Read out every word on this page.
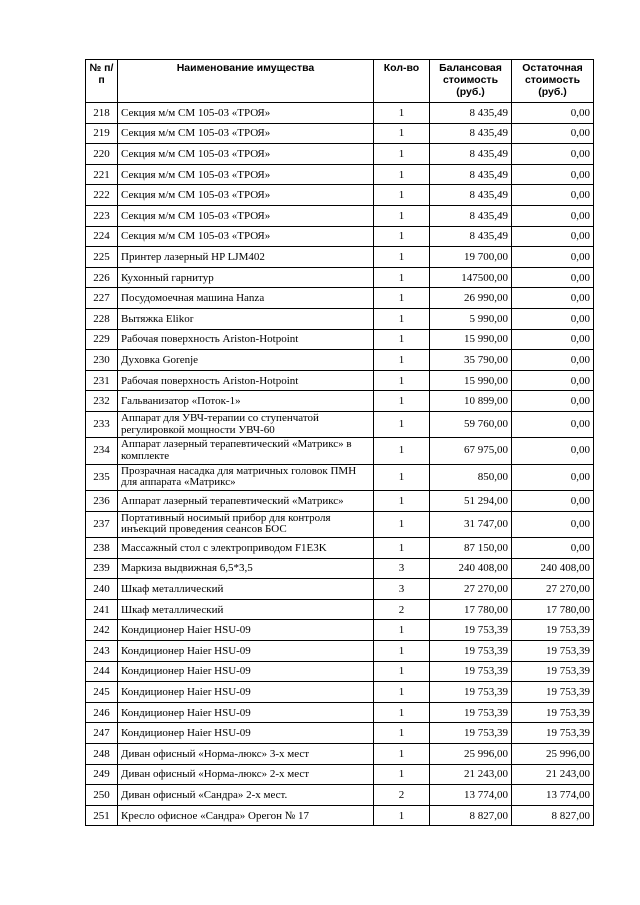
№ п/п	Наименование имущества	Кол-во	Балансовая стоимость (руб.)	Остаточная стоимость (руб.)
218	Секция м/м СМ 105-03 «ТРОЯ»	1	8 435,49	0,00
219	Секция м/м СМ 105-03 «ТРОЯ»	1	8 435,49	0,00
220	Секция м/м СМ 105-03 «ТРОЯ»	1	8 435,49	0,00
221	Секция м/м СМ 105-03 «ТРОЯ»	1	8 435,49	0,00
222	Секция м/м СМ 105-03 «ТРОЯ»	1	8 435,49	0,00
223	Секция м/м СМ 105-03 «ТРОЯ»	1	8 435,49	0,00
224	Секция м/м СМ 105-03 «ТРОЯ»	1	8 435,49	0,00
225	Принтер лазерный HP LJM402	1	19 700,00	0,00
226	Кухонный гарнитур	1	147500,00	0,00
227	Посудомоечная машина Hanza	1	26 990,00	0,00
228	Вытяжка Elikor	1	5 990,00	0,00
229	Рабочая поверхность Ariston-Hotpoint	1	15 990,00	0,00
230	Духовка Gorenje	1	35 790,00	0,00
231	Рабочая поверхность Ariston-Hotpoint	1	15 990,00	0,00
232	Гальванизатор «Поток-1»	1	10 899,00	0,00
233	Аппарат для УВЧ-терапии со ступенчатой регулировкой мощности УВЧ-60	1	59 760,00	0,00
234	Аппарат лазерный терапевтический «Матрикс» в комплекте	1	67 975,00	0,00
235	Прозрачная насадка для матричных головок ПМН для аппарата «Матрикс»	1	850,00	0,00
236	Аппарат лазерный терапевтический «Матрикс»	1	51 294,00	0,00
237	Портативный носимый прибор для контроля инъекций проведения сеансов БОС	1	31 747,00	0,00
238	Массажный стол с электроприводом F1E3K	1	87 150,00	0,00
239	Маркиза выдвижная 6,5*3,5	3	240 408,00	240 408,00
240	Шкаф металлический	3	27 270,00	27 270,00
241	Шкаф металлический	2	17 780,00	17 780,00
242	Кондиционер Haier HSU-09	1	19 753,39	19 753,39
243	Кондиционер Haier HSU-09	1	19 753,39	19 753,39
244	Кондиционер Haier HSU-09	1	19 753,39	19 753,39
245	Кондиционер Haier HSU-09	1	19 753,39	19 753,39
246	Кондиционер Haier HSU-09	1	19 753,39	19 753,39
247	Кондиционер Haier HSU-09	1	19 753,39	19 753,39
248	Диван офисный «Норма-люкс» 3-х мест	1	25 996,00	25 996,00
249	Диван офисный «Норма-люкс» 2-х мест	1	21 243,00	21 243,00
250	Диван офисный «Сандра» 2-х мест.	2	13 774,00	13 774,00
251	Кресло офисное «Сандра» Орегон № 17	1	8 827,00	8 827,00
